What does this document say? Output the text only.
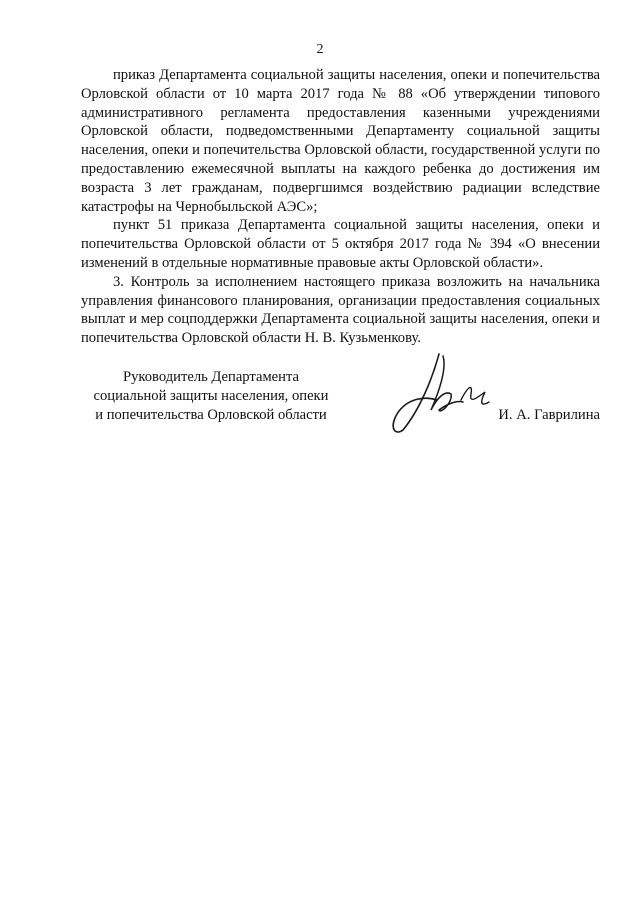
2
приказ Департамента социальной защиты населения, опеки и попечительства
Орловской области от 10 марта 2017 года № 88 «Об утверждении типового
административного регламента предоставления казенными учреждениями
Орловской области, подведомственными Департаменту социальной защиты
населения, опеки и попечительства Орловской области, государственной услуги по
предоставлению ежемесячной выплаты на каждого ребенка до достижения им
возраста 3 лет гражданам, подвергшимся воздействию радиации вследствие
катастрофы на Чернобыльской АЭС»;
пункт 51 приказа Департамента социальной защиты населения, опеки и
попечительства Орловской области от 5 октября 2017 года № 394 «О внесении
изменений в отдельные нормативные правовые акты Орловской области».
3. Контроль за исполнением настоящего приказа возложить на начальника
управления финансового планирования, организации предоставления социальных
выплат и мер соцподдержки Департамента социальной защиты населения, опеки и
попечительства Орловской области Н. В. Кузьменкову.
Руководитель Департамента
социальной защиты населения, опеки
и попечительства Орловской области	И. А. Гаврилина
